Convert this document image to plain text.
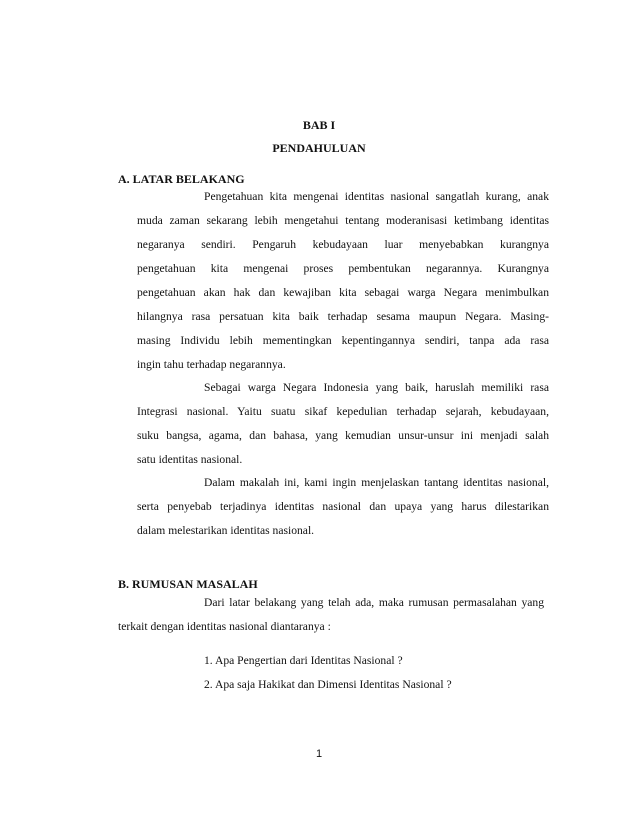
BAB I
PENDAHULUAN
A. LATAR BELAKANG
Pengetahuan kita mengenai identitas nasional sangatlah kurang, anak
muda zaman sekarang lebih mengetahui tentang moderanisasi ketimbang identitas
negaranya sendiri. Pengaruh kebudayaan luar menyebabkan kurangnya
pengetahuan kita mengenai proses pembentukan negarannya. Kurangnya
pengetahuan akan hak dan kewajiban kita sebagai warga Negara menimbulkan
hilangnya rasa persatuan kita baik terhadap sesama maupun Negara. Masing-
masing Individu lebih mementingkan kepentingannya sendiri, tanpa ada rasa
ingin tahu terhadap negarannya.
Sebagai warga Negara Indonesia yang baik, haruslah memiliki rasa
Integrasi nasional. Yaitu suatu sikaf kepedulian terhadap sejarah, kebudayaan,
suku bangsa, agama, dan bahasa, yang kemudian unsur-unsur ini menjadi salah
satu identitas nasional.
Dalam makalah ini, kami ingin menjelaskan tantang identitas nasional,
serta penyebab terjadinya identitas nasional dan upaya yang harus dilestarikan
dalam melestarikan identitas nasional.
B. RUMUSAN MASALAH
Dari latar belakang yang telah ada, maka rumusan permasalahan yang
terkait dengan identitas nasional diantaranya :
1. Apa Pengertian dari Identitas Nasional ?
2. Apa saja Hakikat dan Dimensi Identitas Nasional ?
1
